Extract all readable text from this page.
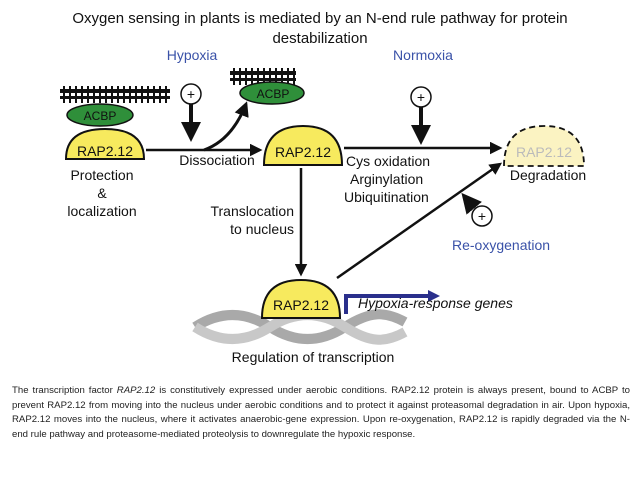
Oxygen sensing in plants is mediated by an N-end rule pathway for protein destabilization
ACBP
RAP2.12
Protection
&
localization
Hypoxia
+	ACBP
Dissociation RAP2.12
Normoxia
+
Cys oxidation
Arginylation
Ubiquitination
RAP2.12
Degradation
Translocation
to nucleus
+
Re-oxygenation
RAP2.12 Hypoxia-response genes
Regulation of transcription
The transcription factor RAP2.12 is constitutively expressed under aerobic conditions. RAP2.12 protein is always present, bound to ACBP to prevent RAP2.12 from moving into the nucleus under aerobic conditions and to protect it against proteasomal degradation in air. Upon hypoxia, RAP2.12 moves into the nucleus, where it activates anaerobic-gene expression. Upon re-oxygenation, RAP2.12 is rapidly degraded via the N-end rule pathway and proteasome-mediated proteolysis to downregulate the hypoxic response.
